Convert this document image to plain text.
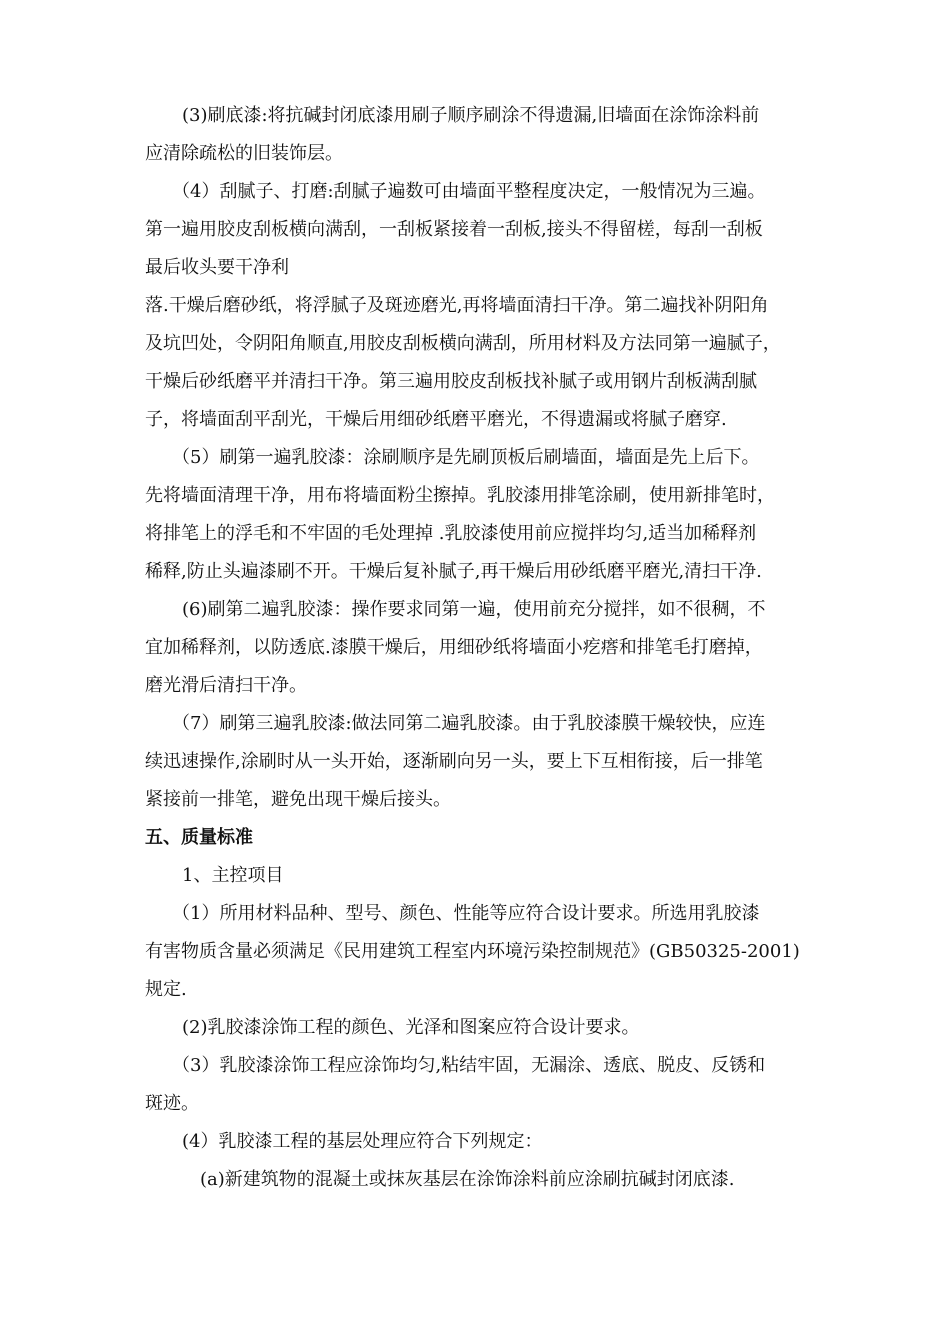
(3)刷底漆:将抗碱封闭底漆用刷子顺序刷涂不得遗漏,旧墙面在涂饰涂料前
应清除疏松的旧装饰层。
（4）刮腻子、打磨:刮腻子遍数可由墙面平整程度决定，一般情况为三遍。
第一遍用胶皮刮板横向满刮，一刮板紧接着一刮板,接头不得留槎，每刮一刮板
最后收头要干净利
落.干燥后磨砂纸，将浮腻子及斑迹磨光,再将墙面清扫干净。第二遍找补阴阳角
及坑凹处，令阴阳角顺直,用胶皮刮板横向满刮，所用材料及方法同第一遍腻子，
干燥后砂纸磨平并清扫干净。第三遍用胶皮刮板找补腻子或用钢片刮板满刮腻
子，将墙面刮平刮光，干燥后用细砂纸磨平磨光，不得遗漏或将腻子磨穿.
（5）刷第一遍乳胶漆：涂刷顺序是先刷顶板后刷墙面，墙面是先上后下。
先将墙面清理干净，用布将墙面粉尘擦掉。乳胶漆用排笔涂刷，使用新排笔时，
将排笔上的浮毛和不牢固的毛处理掉 .乳胶漆使用前应搅拌均匀,适当加稀释剂
稀释,防止头遍漆刷不开。干燥后复补腻子,再干燥后用砂纸磨平磨光,清扫干净.
(6)刷第二遍乳胶漆：操作要求同第一遍，使用前充分搅拌，如不很稠，不
宜加稀释剂，以防透底.漆膜干燥后，用细砂纸将墙面小疙瘩和排笔毛打磨掉，
磨光滑后清扫干净。
（7）刷第三遍乳胶漆:做法同第二遍乳胶漆。由于乳胶漆膜干燥较快，应连
续迅速操作,涂刷时从一头开始，逐渐刷向另一头，要上下互相衔接，后一排笔
紧接前一排笔，避免出现干燥后接头。
五、质量标准
1、主控项目
（1）所用材料品种、型号、颜色、性能等应符合设计要求。所选用乳胶漆
有害物质含量必须满足《民用建筑工程室内环境污染控制规范》(GB50325-2001)
规定.
(2)乳胶漆涂饰工程的颜色、光泽和图案应符合设计要求。
（3）乳胶漆涂饰工程应涂饰均匀,粘结牢固，无漏涂、透底、脱皮、反锈和
斑迹。
(4）乳胶漆工程的基层处理应符合下列规定：
(a)新建筑物的混凝土或抹灰基层在涂饰涂料前应涂刷抗碱封闭底漆.
